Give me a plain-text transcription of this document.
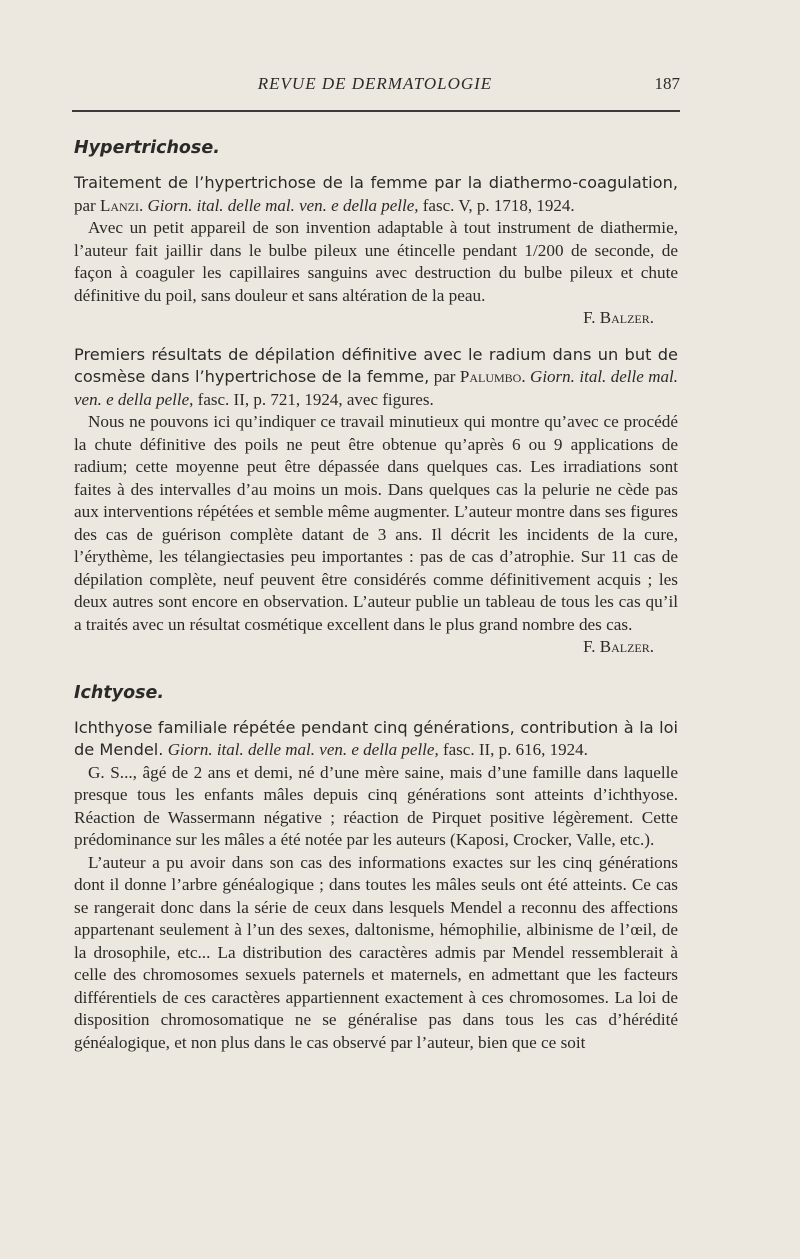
REVUE DE DERMATOLOGIE	187
Hypertrichose.

Traitement de l’hypertrichose de la femme par la diathermo-coagulation, par Lanzi. Giorn. ital. delle mal. ven. e della pelle, fasc. V, p. 1718, 1924.

Avec un petit appareil de son invention adaptable à tout instrument de diathermie, l’auteur fait jaillir dans le bulbe pileux une étincelle pendant 1/200 de seconde, de façon à coaguler les capillaires sanguins avec destruction du bulbe pileux et chute définitive du poil, sans douleur et sans altération de la peau.

F. Balzer.

Premiers résultats de dépilation définitive avec le radium dans un but de cosmèse dans l’hypertrichose de la femme, par Palumbo. Giorn. ital. delle mal. ven. e della pelle, fasc. II, p. 721, 1924, avec figures.

Nous ne pouvons ici qu’indiquer ce travail minutieux qui montre qu’avec ce procédé la chute définitive des poils ne peut être obtenue qu’après 6 ou 9 applications de radium; cette moyenne peut être dépassée dans quelques cas. Les irradiations sont faites à des intervalles d’au moins un mois. Dans quelques cas la pelurie ne cède pas aux interventions répétées et semble même augmenter. L’auteur montre dans ses figures des cas de guérison complète datant de 3 ans. Il décrit les incidents de la cure, l’érythème, les télangiectasies peu importantes : pas de cas d’atrophie. Sur 11 cas de dépilation complète, neuf peuvent être considérés comme définitivement acquis ; les deux autres sont encore en observation. L’auteur publie un tableau de tous les cas qu’il a traités avec un résultat cosmétique excellent dans le plus grand nombre des cas.

F. Balzer.

Ichtyose.

Ichthyose familiale répétée pendant cinq générations, contribution à la loi de Mendel. Giorn. ital. delle mal. ven. e della pelle, fasc. II, p. 616, 1924.

G. S..., âgé de 2 ans et demi, né d’une mère saine, mais d’une famille dans laquelle presque tous les enfants mâles depuis cinq générations sont atteints d’ichthyose. Réaction de Wassermann négative ; réaction de Pirquet positive légèrement. Cette prédominance sur les mâles a été notée par les auteurs (Kaposi, Crocker, Valle, etc.).

L’auteur a pu avoir dans son cas des informations exactes sur les cinq générations dont il donne l’arbre généalogique ; dans toutes les mâles seuls ont été atteints. Ce cas se rangerait donc dans la série de ceux dans lesquels Mendel a reconnu des affections appartenant seulement à l’un des sexes, daltonisme, hémophilie, albinisme de l’œil, de la drosophile, etc... La distribution des caractères admis par Mendel ressemblerait à celle des chromosomes sexuels paternels et maternels, en admettant que les facteurs différentiels de ces caractères appartiennent exactement à ces chromosomes. La loi de disposition chromosomatique ne se généralise pas dans tous les cas d’hérédité généalogique, et non plus dans le cas observé par l’auteur, bien que ce soit
